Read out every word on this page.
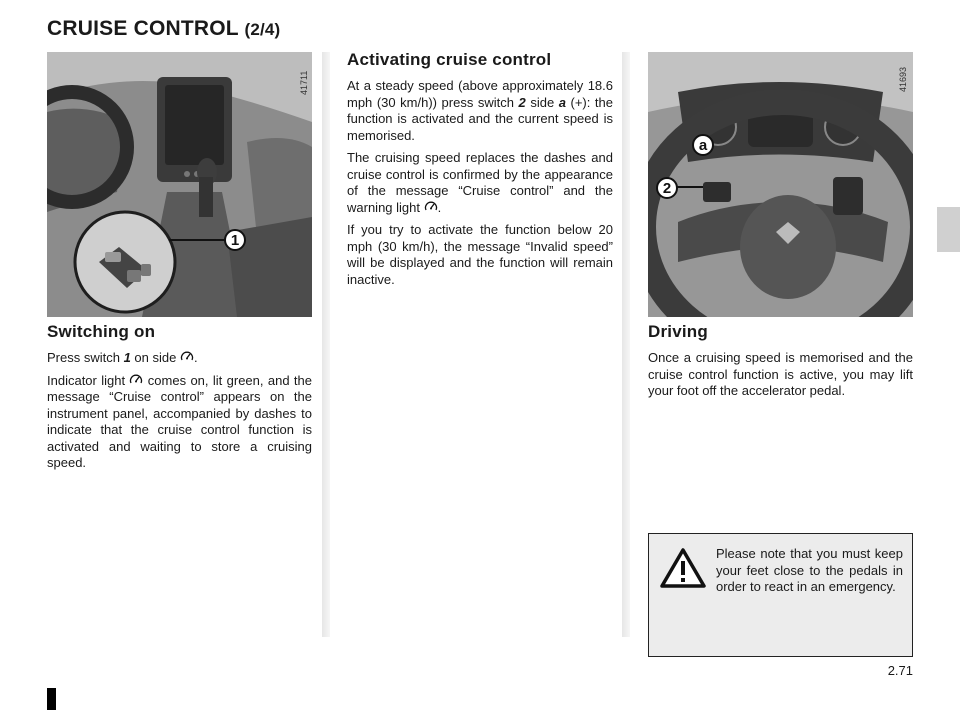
CRUISE CONTROL (2/4)
1
41711
2
a
41693
Switching on

Press switch 1 on side .

Indicator light  comes on, lit green, and the message “Cruise control” appears on the instrument panel, accompanied by dashes to indicate that the cruise control function is activated and waiting to store a cruising speed.

Activating cruise control

At a steady speed (above approximately 18.6 mph (30 km/h)) press switch 2 side a (+): the function is activated and the current speed is memorised.

The cruising speed replaces the dashes and cruise control is confirmed by the appearance of the message “Cruise control” and the warning light .

If you try to activate the function below 20 mph (30 km/h), the message “Invalid speed” will be displayed and the function will remain inactive.

Driving

Once a cruising speed is memorised and the cruise control function is active, you may lift your foot off the accelerator pedal.

Please note that you must keep your feet close to the pedals in order to react in an emergency.
2.71
